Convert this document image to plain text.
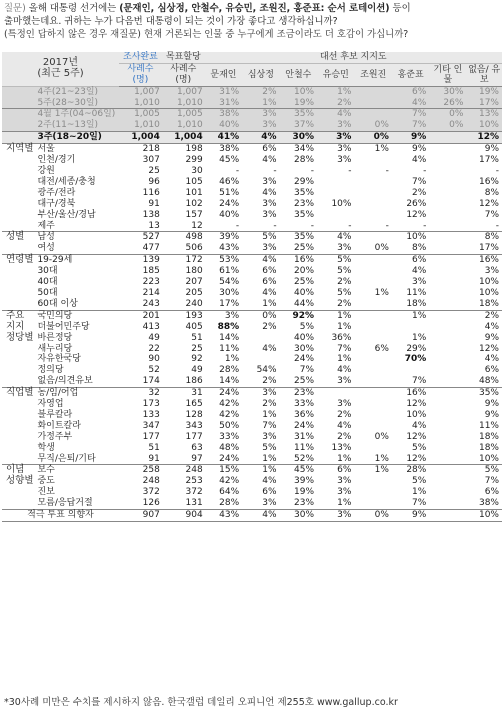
질문) 올해 대통령 선거에는 (문재인, 심상정, 안철수, 유승민, 조원진, 홍준표: 순서 로테이션) 등이
출마했는데요. 귀하는 누가 다음번 대통령이 되는 것이 가장 좋다고 생각하십니까?
(특정인 답하지 않은 경우 재질문) 현재 거론되는 인물 중 누구에게 조금이라도 더 호감이 가십니까?
2017년
(최근 5주)		조사완료	목표할당	대선 후보 지지도							
		사례수	사례수	문재인	심상정	안철수	유승민	조원진	홍준표	기타 인물	없음/ 유보
		(명)	(명)								
	4주(21~23일)	1,007	1,007	31%	2%	10%	1%		6%	30%	19%
	5주(28~30일)	1,010	1,010	31%	1%	19%	2%		4%	26%	17%
	4월 1주(04~06일)	1,005	1,005	38%	3%	35%	4%		7%	0%	13%
	2주(11~13일)	1,010	1,010	40%	3%	37%	3%	0%	7%	0%	10%
	3주(18~20일)	1,004	1,004	41%	4%	30%	3%	0%	9%		12%
지역별	서울	218	198	38%	6%	34%	3%	1%	9%		9%
	인천/경기	307	299	45%	4%	28%	3%		4%		17%
	강원	25	30	-	-	-	-	-	-		-
	대전/세종/충청	96	105	46%	3%	29%			7%		16%
	광주/전라	116	101	51%	4%	35%			2%		8%
	대구/경북	91	102	24%	3%	23%	10%		26%		12%
	부산/울산/경남	138	157	40%	3%	35%			12%		7%
	제주	13	12	-	-	-	-	-	-		-
성별	남성	527	498	39%	5%	35%	4%		10%		8%
	여성	477	506	43%	3%	25%	3%	0%	8%		17%
연령별	19-29세	139	172	53%	4%	16%	5%		6%		16%
	30대	185	180	61%	6%	20%	5%		4%		3%
	40대	223	207	54%	6%	25%	2%		3%		10%
	50대	214	205	30%	4%	40%	5%	1%	11%		10%
	60대 이상	243	240	17%	1%	44%	2%		18%		18%
주요	국민의당	201	193	3%	0%	92%	1%		1%		2%
지지	더불어민주당	413	405	88%	2%	5%	1%				4%
정당별	바른정당	49	51	14%		40%	36%		1%		9%
	새누리당	22	25	11%	4%	30%	7%	6%	29%		12%
	자유한국당	90	92	1%		24%	1%		70%		4%
	정의당	52	49	28%	54%	7%	4%				6%
	없음/의견유보	174	186	14%	2%	25%	3%		7%		48%
직업별	농/임/어업	32	31	24%	3%	23%			16%		35%
	자영업	173	165	42%	2%	33%	3%		12%		9%
	블루칼라	133	128	42%	1%	36%	2%		10%		9%
	화이트칼라	347	343	50%	7%	24%	4%		4%		11%
	가정주부	177	177	33%	3%	31%	2%	0%	12%		18%
	학생	51	63	48%	5%	11%	13%		5%		18%
	무직/은퇴/기타	91	97	24%	1%	52%	1%	1%	12%		10%
이념	보수	258	248	15%	1%	45%	6%	1%	28%		5%
성향별	중도	248	253	42%	4%	39%	3%		5%		7%
	진보	372	372	64%	6%	19%	3%		1%		6%
	모름/응답거절	126	131	28%	3%	23%	1%		7%		38%
적극 투표 의향자		907	904	43%	4%	30%	3%	0%	9%		10%
*30사례 미만은 수치를 제시하지 않음. 한국갤럽 데일리 오피니언 제255호 www.gallup.co.kr
